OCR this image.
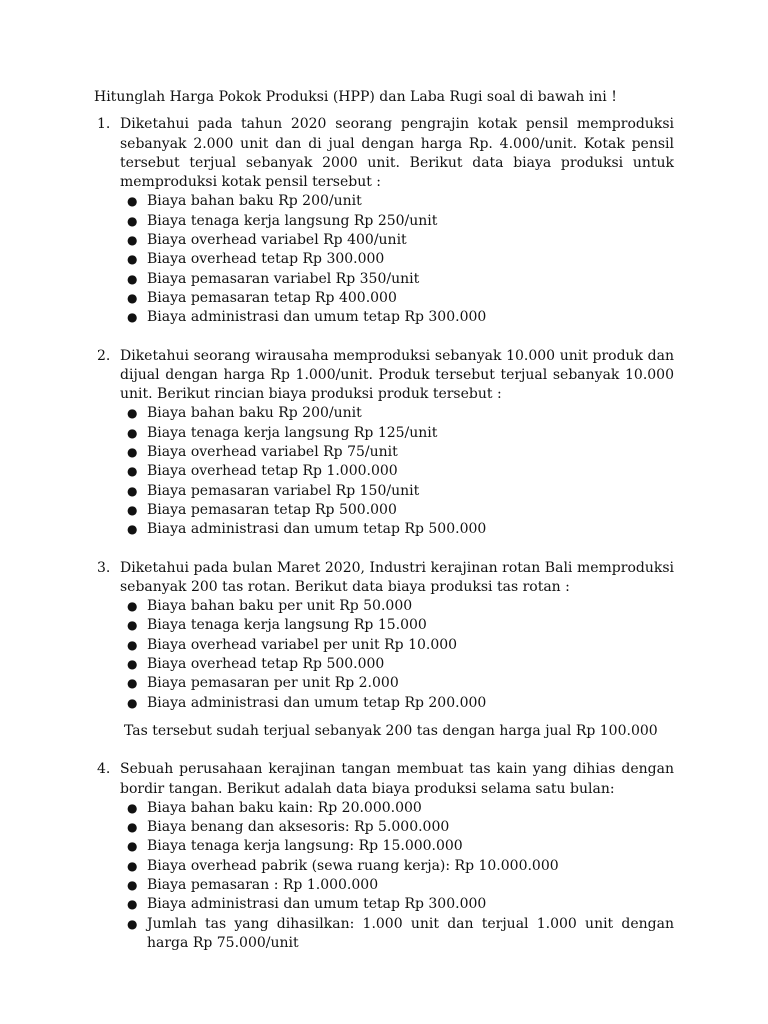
Hitunglah Harga Pokok Produksi (HPP) dan Laba Rugi soal di bawah ini !

1. Diketahui pada tahun 2020 seorang pengrajin kotak pensil memproduksi sebanyak 2.000 unit dan di jual dengan harga Rp. 4.000/unit. Kotak pensil tersebut terjual sebanyak 2000 unit. Berikut data biaya produksi untuk memproduksi kotak pensil tersebut :

● Biaya bahan baku Rp 200/unit
● Biaya tenaga kerja langsung Rp 250/unit
● Biaya overhead variabel Rp 400/unit
● Biaya overhead tetap Rp 300.000
● Biaya pemasaran variabel Rp 350/unit
● Biaya pemasaran tetap Rp 400.000
● Biaya administrasi dan umum tetap Rp 300.000
2. Diketahui seorang wirausaha memproduksi sebanyak 10.000 unit produk dan dijual dengan harga Rp 1.000/unit. Produk tersebut terjual sebanyak 10.000 unit. Berikut rincian biaya produksi produk tersebut :

● Biaya bahan baku Rp 200/unit
● Biaya tenaga kerja langsung Rp 125/unit
● Biaya overhead variabel Rp 75/unit
● Biaya overhead tetap Rp 1.000.000
● Biaya pemasaran variabel Rp 150/unit
● Biaya pemasaran tetap Rp 500.000
● Biaya administrasi dan umum tetap Rp 500.000
3. Diketahui pada bulan Maret 2020, Industri kerajinan rotan Bali memproduksi sebanyak 200 tas rotan. Berikut data biaya produksi tas rotan :

● Biaya bahan baku per unit Rp 50.000
● Biaya tenaga kerja langsung Rp 15.000
● Biaya overhead variabel per unit Rp 10.000
● Biaya overhead tetap Rp 500.000
● Biaya pemasaran per unit Rp 2.000
● Biaya administrasi dan umum tetap Rp 200.000

Tas tersebut sudah terjual sebanyak 200 tas dengan harga jual Rp 100.000

4. Sebuah perusahaan kerajinan tangan membuat tas kain yang dihias dengan bordir tangan. Berikut adalah data biaya produksi selama satu bulan:

● Biaya bahan baku kain: Rp 20.000.000
● Biaya benang dan aksesoris: Rp 5.000.000
● Biaya tenaga kerja langsung: Rp 15.000.000
● Biaya overhead pabrik (sewa ruang kerja): Rp 10.000.000
● Biaya pemasaran : Rp 1.000.000
● Biaya administrasi dan umum tetap Rp 300.000
● Jumlah tas yang dihasilkan: 1.000 unit dan terjual 1.000 unit dengan harga Rp 75.000/unit
